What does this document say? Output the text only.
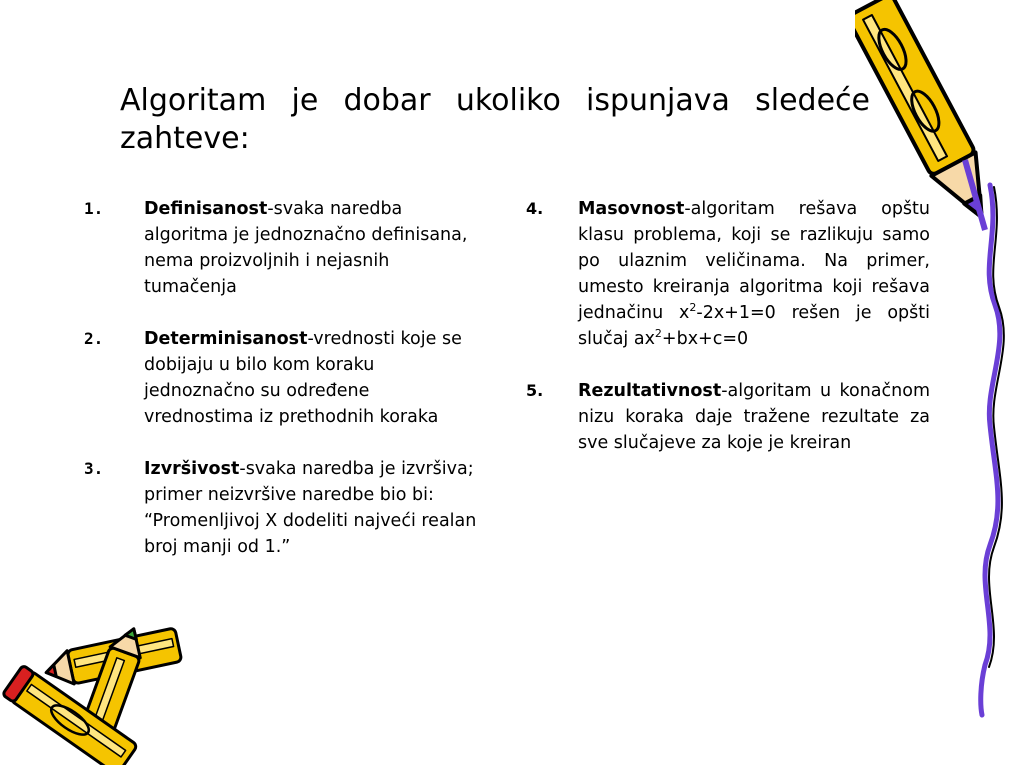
Algoritam je dobar ukoliko ispunjava sledeće zahteve:
1. Definisanost-svaka naredba algoritma je jednoznačno definisana, nema proizvoljnih i nejasnih tumačenja
2. Determinisanost-vrednosti koje se dobijaju u bilo kom koraku jednoznačno su određene vrednostima iz prethodnih koraka
3. Izvršivost-svaka naredba je izvršiva; primer neizvršive naredbe bio bi: “Promenljivoj X dodeliti najveći realan broj manji od 1.”
4. Masovnost-algoritam rešava opštu klasu problema, koji se razlikuju samo po ulaznim veličinama. Na primer, umesto kreiranja algoritma koji rešava jednačinu $x^2-2x+1=0$ rešen je opšti slučaj $ax^2+bx+c=0$
5. Rezultativnost-algoritam u konačnom nizu koraka daje tražene rezultate za sve slučajeve za koje je kreiran
